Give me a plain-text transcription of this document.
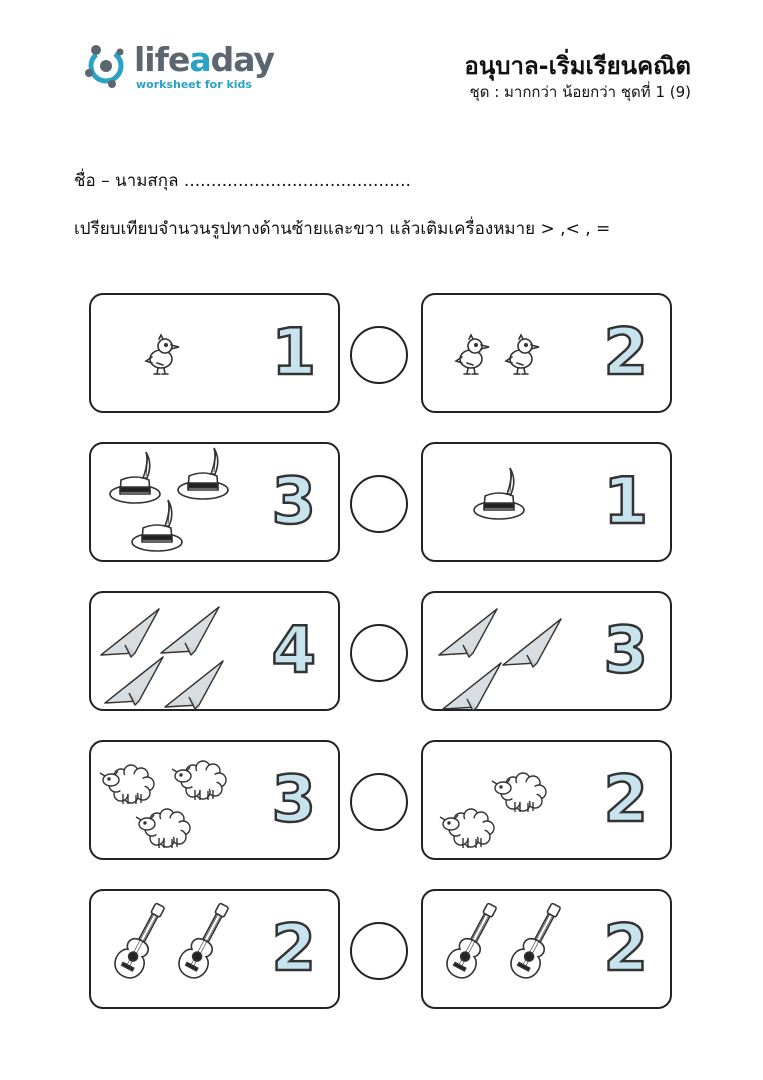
lifeaday
worksheet for kids
อนุบาล-เริ่มเรียนคณิต
ชุด : มากกว่า น้อยกว่า ชุดที่ 1 (9)
ชื่อ – นามสกุล ..........................................
เปรียบเทียบจำนวนรูปทางด้านซ้ายและขวา แล้วเติมเครื่องหมาย > ,< , =
1	2
3	1
4	3
3	2
2	2
